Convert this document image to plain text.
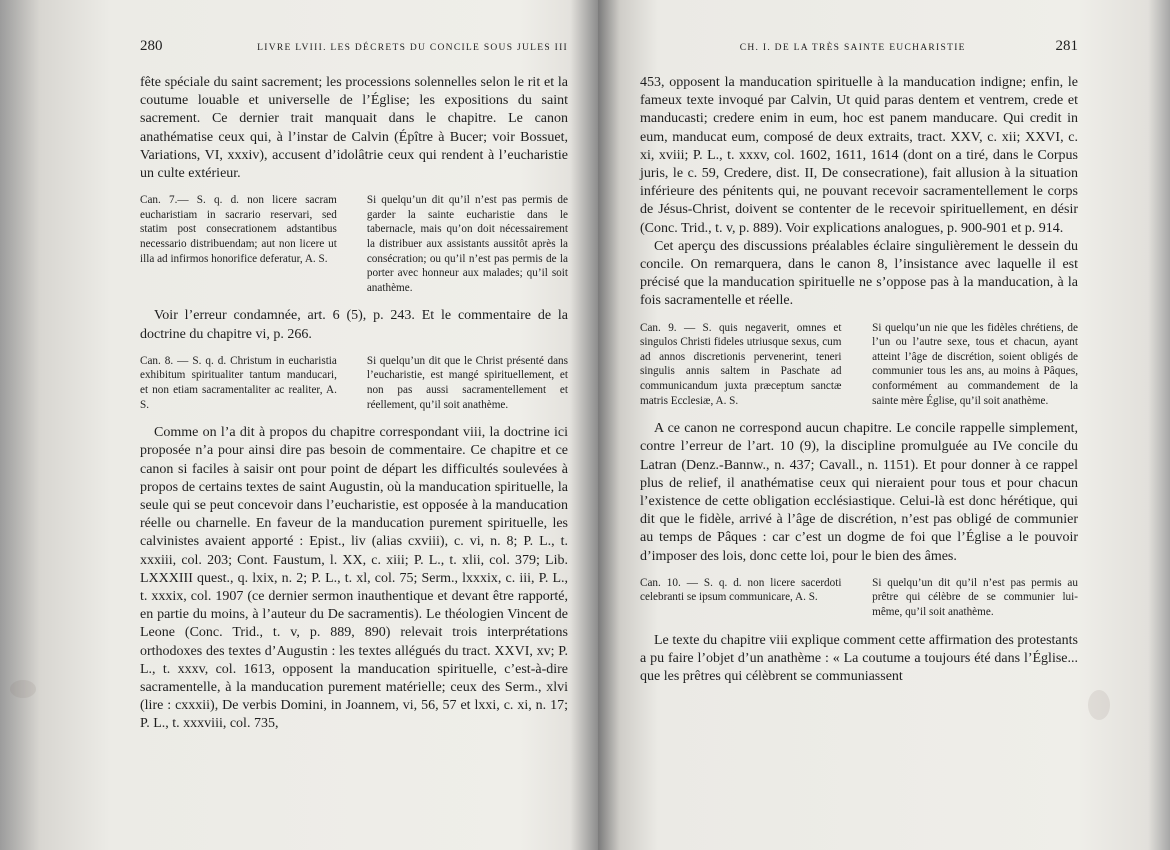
280	LIVRE LVIII. LES DÉCRETS DU CONCILE SOUS JULES III

fête spéciale du saint sacrement; les processions solennelles selon le rit et la coutume louable et universelle de l’Église; les expositions du saint sacrement. Ce dernier trait manquait dans le chapitre. Le canon anathématise ceux qui, à l’instar de Calvin (Épître à Bucer; voir Bossuet, Variations, VI, xxxiv), accusent d’idolâtrie ceux qui rendent à l’eucharistie un culte extérieur.

Can. 7.— S. q. d. non licere sacram eucharistiam in sacrario reservari, sed statim post consecrationem adstantibus necessario distribuendam; aut non licere ut illa ad infirmos honorifice deferatur, A. S.
Si quelqu’un dit qu’il n’est pas permis de garder la sainte eucharistie dans le tabernacle, mais qu’on doit nécessairement la distribuer aux assistants aussitôt après la consécration; ou qu’il n’est pas permis de la porter avec honneur aux malades; qu’il soit anathème.

Voir l’erreur condamnée, art. 6 (5), p. 243. Et le commentaire de la doctrine du chapitre vi, p. 266.

Can. 8. — S. q. d. Christum in eucharistia exhibitum spiritualiter tantum manducari, et non etiam sacramentaliter ac realiter, A. S.
Si quelqu’un dit que le Christ présenté dans l’eucharistie, est mangé spirituellement, et non pas aussi sacramentellement et réellement, qu’il soit anathème.

Comme on l’a dit à propos du chapitre correspondant viii, la doctrine ici proposée n’a pour ainsi dire pas besoin de commentaire. Ce chapitre et ce canon si faciles à saisir ont pour point de départ les difficultés soulevées à propos de certains textes de saint Augustin, où la manducation spirituelle, la seule qui se peut concevoir dans l’eucharistie, est opposée à la manducation réelle ou charnelle. En faveur de la manducation purement spirituelle, les calvinistes avaient apporté : Epist., liv (alias cxviii), c. vi, n. 8; P. L., t. xxxiii, col. 203; Cont. Faustum, l. XX, c. xiii; P. L., t. xlii, col. 379; Lib. LXXXIII quest., q. lxix, n. 2; P. L., t. xl, col. 75; Serm., lxxxix, c. iii, P. L., t. xxxix, col. 1907 (ce dernier sermon inauthentique et devant être rapporté, en partie du moins, à l’auteur du De sacramentis). Le théologien Vincent de Leone (Conc. Trid., t. v, p. 889, 890) relevait trois interprétations orthodoxes des textes d’Augustin : les textes allégués du tract. XXVI, xv; P. L., t. xxxv, col. 1613, opposent la manducation spirituelle, c’est-à-dire sacramentelle, à la manducation purement matérielle; ceux des Serm., xlvi (lire : cxxxii), De verbis Domini, in Joannem, vi, 56, 57 et lxxi, c. xi, n. 17; P. L., t. xxxviii, col. 735,

CH. I. DE LA TRÈS SAINTE EUCHARISTIE	281

453, opposent la manducation spirituelle à la manducation indigne; enfin, le fameux texte invoqué par Calvin, Ut quid paras dentem et ventrem, crede et manducasti; credere enim in eum, hoc est panem manducare. Qui credit in eum, manducat eum, composé de deux extraits, tract. XXV, c. xii; XXVI, c. xi, xviii; P. L., t. xxxv, col. 1602, 1611, 1614 (dont on a tiré, dans le Corpus juris, le c. 59, Credere, dist. II, De consecratione), fait allusion à la situation inférieure des pénitents qui, ne pouvant recevoir sacramentellement le corps de Jésus-Christ, doivent se contenter de le recevoir spirituellement, en désir (Conc. Trid., t. v, p. 889). Voir explications analogues, p. 900-901 et p. 914.

Cet aperçu des discussions préalables éclaire singulièrement le dessein du concile. On remarquera, dans le canon 8, l’insistance avec laquelle il est précisé que la manducation spirituelle ne s’oppose pas à la manducation, à la fois sacramentelle et réelle.

Can. 9. — S. quis negaverit, omnes et singulos Christi fideles utriusque sexus, cum ad annos discretionis pervenerint, teneri singulis annis saltem in Paschate ad communicandum juxta præceptum sanctæ matris Ecclesiæ, A. S.
Si quelqu’un nie que les fidèles chrétiens, de l’un ou l’autre sexe, tous et chacun, ayant atteint l’âge de discrétion, soient obligés de communier tous les ans, au moins à Pâques, conformément au commandement de la sainte mère Église, qu’il soit anathème.

A ce canon ne correspond aucun chapitre. Le concile rappelle simplement, contre l’erreur de l’art. 10 (9), la discipline promulguée au IVe concile du Latran (Denz.-Bannw., n. 437; Cavall., n. 1151). Et pour donner à ce rappel plus de relief, il anathématise ceux qui nieraient pour tous et pour chacun l’existence de cette obligation ecclésiastique. Celui-là est donc hérétique, qui dit que le fidèle, arrivé à l’âge de discrétion, n’est pas obligé de communier au temps de Pâques : car c’est un dogme de foi que l’Église a le pouvoir d’imposer des lois, donc cette loi, pour le bien des âmes.

Can. 10. — S. q. d. non licere sacerdoti celebranti se ipsum communicare, A. S.
Si quelqu’un dit qu’il n’est pas permis au prêtre qui célèbre de se communier lui-même, qu’il soit anathème.

Le texte du chapitre viii explique comment cette affirmation des protestants a pu faire l’objet d’un anathème : « La coutume a toujours été dans l’Église... que les prêtres qui célèbrent se communiassent
